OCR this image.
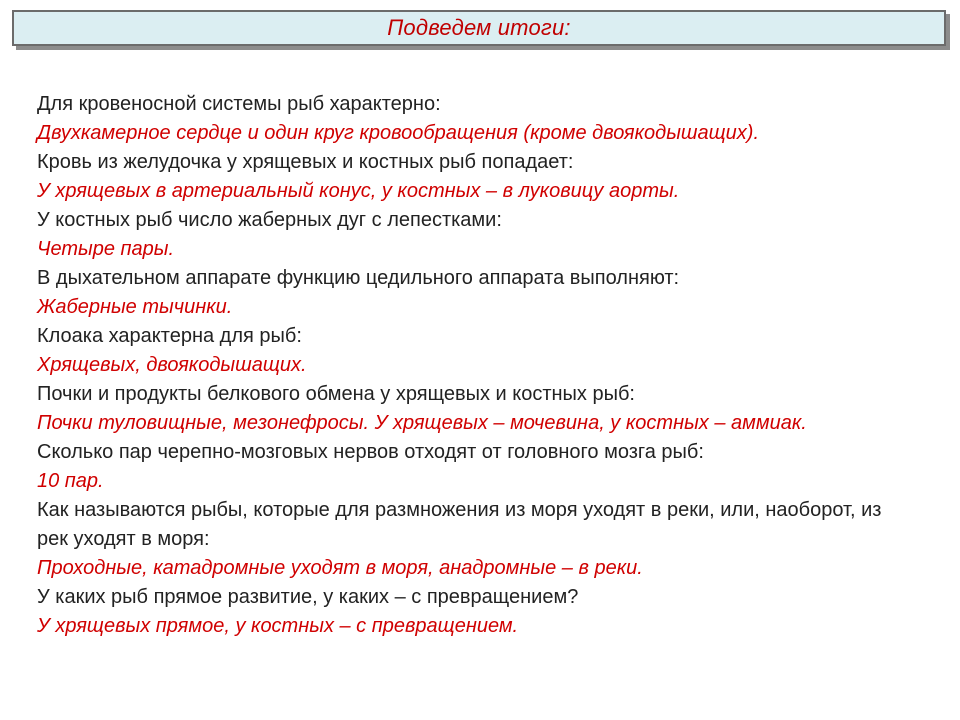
Подведем итоги:

Для кровеносной системы рыб характерно:

Двухкамерное сердце и один круг кровообращения (кроме двоякодышащих).

Кровь из желудочка у хрящевых и костных рыб попадает:

У хрящевых в артериальный конус, у костных – в луковицу аорты.

У костных рыб число жаберных дуг с лепестками:

Четыре пары.

В дыхательном аппарате функцию цедильного аппарата выполняют:

Жаберные тычинки.

Клоака характерна для рыб:

Хрящевых, двоякодышащих.

Почки и продукты белкового обмена у хрящевых и костных рыб:

Почки туловищные, мезонефросы. У хрящевых – мочевина, у костных – аммиак.

Сколько пар черепно-мозговых нервов отходят от головного мозга рыб:

10 пар.

Как называются рыбы, которые для размножения из моря уходят в реки, или, наоборот, из рек уходят в моря:

Проходные, катадромные уходят в моря, анадромные – в реки.

У каких рыб прямое развитие, у каких – с превращением?

У хрящевых прямое, у костных – с превращением.
